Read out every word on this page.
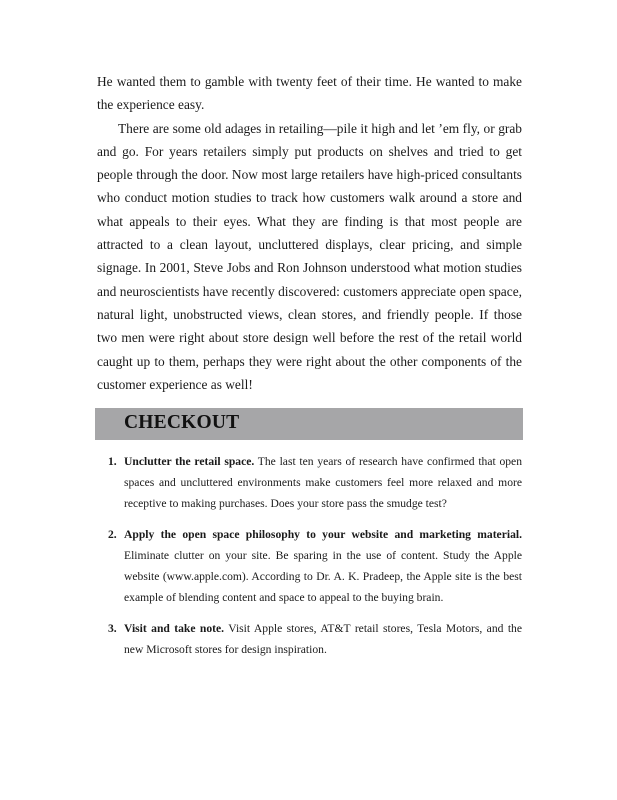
He wanted them to gamble with twenty feet of their time. He wanted to make the experience easy.

There are some old adages in retailing—pile it high and let ’em fly, or grab and go. For years retailers simply put products on shelves and tried to get people through the door. Now most large retailers have high-priced consultants who conduct motion studies to track how customers walk around a store and what appeals to their eyes. What they are finding is that most people are attracted to a clean layout, uncluttered displays, clear pricing, and simple signage. In 2001, Steve Jobs and Ron Johnson understood what motion studies and neuroscientists have recently discovered: customers appreciate open space, natural light, unobstructed views, clean stores, and friendly people. If those two men were right about store design well before the rest of the retail world caught up to them, perhaps they were right about the other components of the customer experience as well!

CHECKOUT
1. Unclutter the retail space. The last ten years of research have confirmed that open spaces and uncluttered environments make customers feel more relaxed and more receptive to making purchases. Does your store pass the smudge test?
2. Apply the open space philosophy to your website and marketing material. Eliminate clutter on your site. Be sparing in the use of content. Study the Apple website (www.apple.com). According to Dr. A. K. Pradeep, the Apple site is the best example of blending content and space to appeal to the buying brain.
3. Visit and take note. Visit Apple stores, AT&T retail stores, Tesla Motors, and the new Microsoft stores for design inspiration.
